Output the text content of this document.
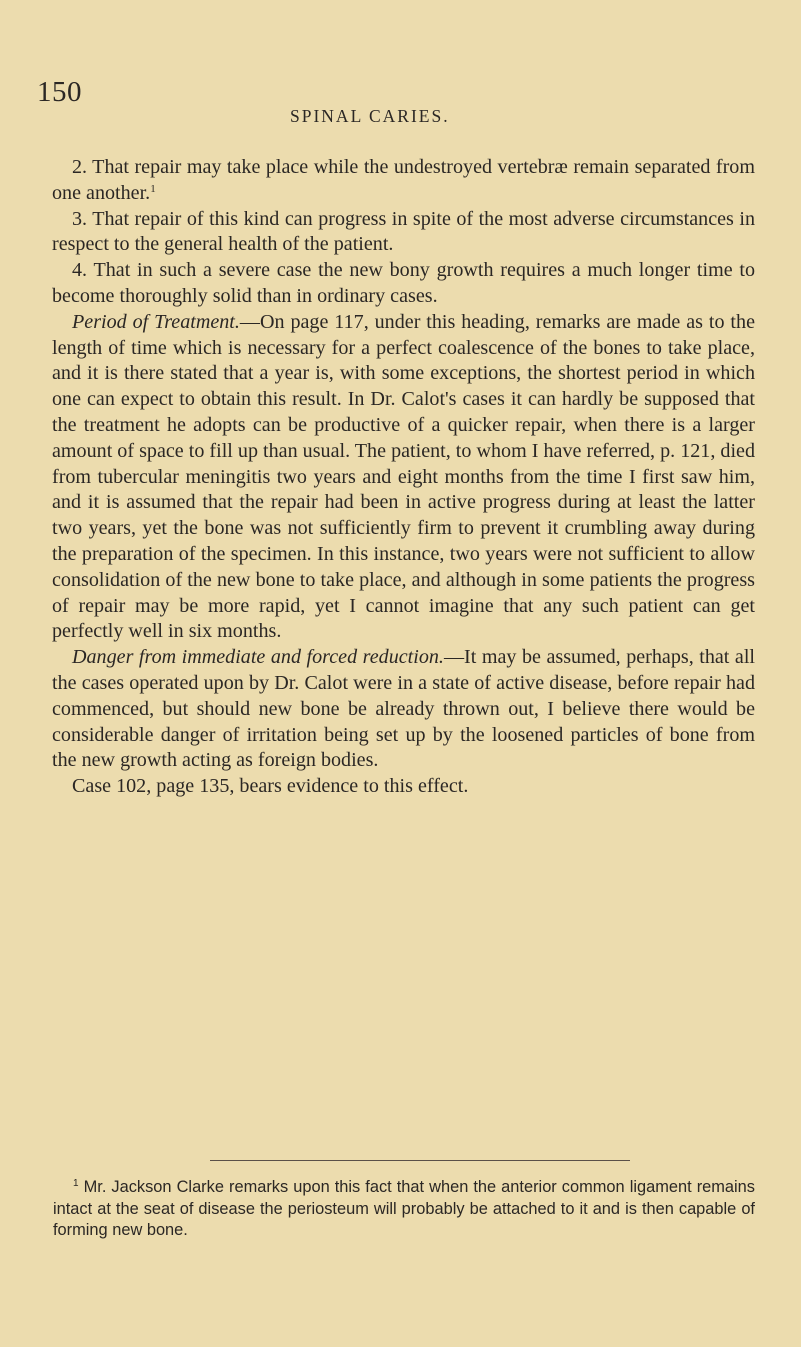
150
SPINAL CARIES.

2. That repair may take place while the undestroyed vertebræ remain separated from one another.$^1$

3. That repair of this kind can progress in spite of the most adverse circumstances in respect to the general health of the patient.

4. That in such a severe case the new bony growth requires a much longer time to become thoroughly solid than in ordinary cases.

Period of Treatment.—On page 117, under this heading, remarks are made as to the length of time which is necessary for a perfect coalescence of the bones to take place, and it is there stated that a year is, with some exceptions, the shortest period in which one can expect to obtain this result. In Dr. Calot's cases it can hardly be supposed that the treatment he adopts can be productive of a quicker repair, when there is a larger amount of space to fill up than usual. The patient, to whom I have referred, p. 121, died from tubercular meningitis two years and eight months from the time I first saw him, and it is assumed that the repair had been in active progress during at least the latter two years, yet the bone was not sufficiently firm to prevent it crumbling away during the preparation of the specimen. In this instance, two years were not sufficient to allow consolidation of the new bone to take place, and although in some patients the progress of repair may be more rapid, yet I cannot imagine that any such patient can get perfectly well in six months.

Danger from immediate and forced reduction.—It may be assumed, perhaps, that all the cases operated upon by Dr. Calot were in a state of active disease, before repair had commenced, but should new bone be already thrown out, I believe there would be considerable danger of irritation being set up by the loosened particles of bone from the new growth acting as foreign bodies.

Case 102, page 135, bears evidence to this effect.

$^1$ Mr. Jackson Clarke remarks upon this fact that when the anterior common ligament remains intact at the seat of disease the periosteum will probably be attached to it and is then capable of forming new bone.
